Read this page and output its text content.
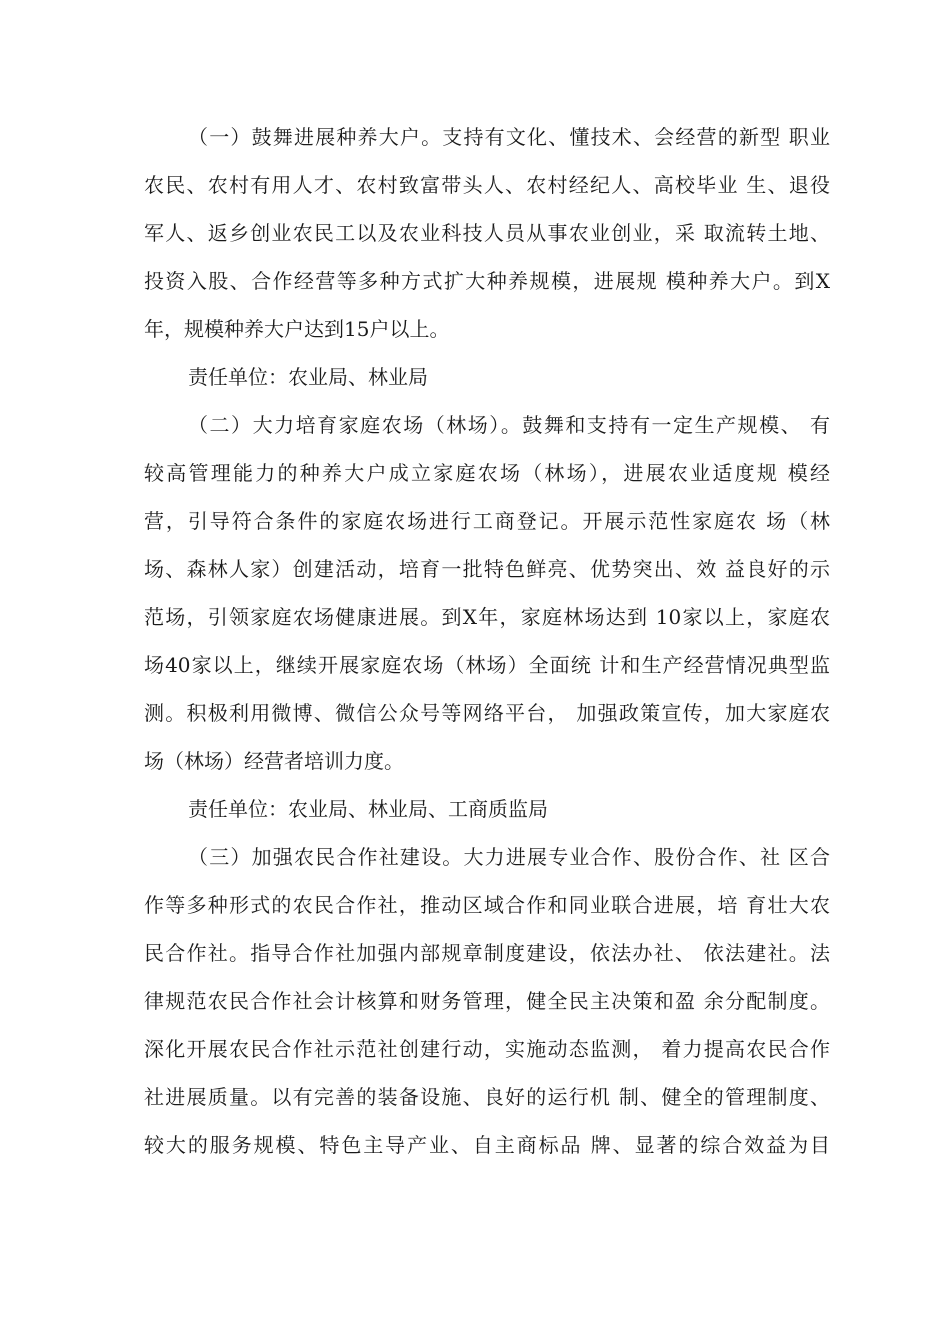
（一）鼓舞进展种养大户。支持有文化、懂技术、会经营的新型 职业
农民、农村有用人才、农村致富带头人、农村经纪人、高校毕业 生、退役
军人、返乡创业农民工以及农业科技人员从事农业创业，采 取流转土地、
投资入股、合作经营等多种方式扩大种养规模，进展规 模种养大户。到X
年，规模种养大户达到15户以上。
责任单位：农业局、林业局
（二）大力培育家庭农场（林场）。鼓舞和支持有一定生产规模、 有
较高管理能力的种养大户成立家庭农场（林场），进展农业适度规 模经
营，引导符合条件的家庭农场进行工商登记。开展示范性家庭农 场（林
场、森林人家）创建活动，培育一批特色鲜亮、优势突出、效 益良好的示
范场，引领家庭农场健康进展。到X年，家庭林场达到 10家以上，家庭农
场40家以上，继续开展家庭农场（林场）全面统 计和生产经营情况典型监
测。积极利用微博、微信公众号等网络平台， 加强政策宣传，加大家庭农
场（林场）经营者培训力度。
责任单位：农业局、林业局、工商质监局
（三）加强农民合作社建设。大力进展专业合作、股份合作、社 区合
作等多种形式的农民合作社，推动区域合作和同业联合进展，培 育壮大农
民合作社。指导合作社加强内部规章制度建设，依法办社、 依法建社。法
律规范农民合作社会计核算和财务管理，健全民主决策和盈 余分配制度。
深化开展农民合作社示范社创建行动，实施动态监测， 着力提高农民合作
社进展质量。以有完善的装备设施、良好的运行机 制、健全的管理制度、
较大的服务规模、特色主导产业、自主商标品 牌、显著的综合效益为目
